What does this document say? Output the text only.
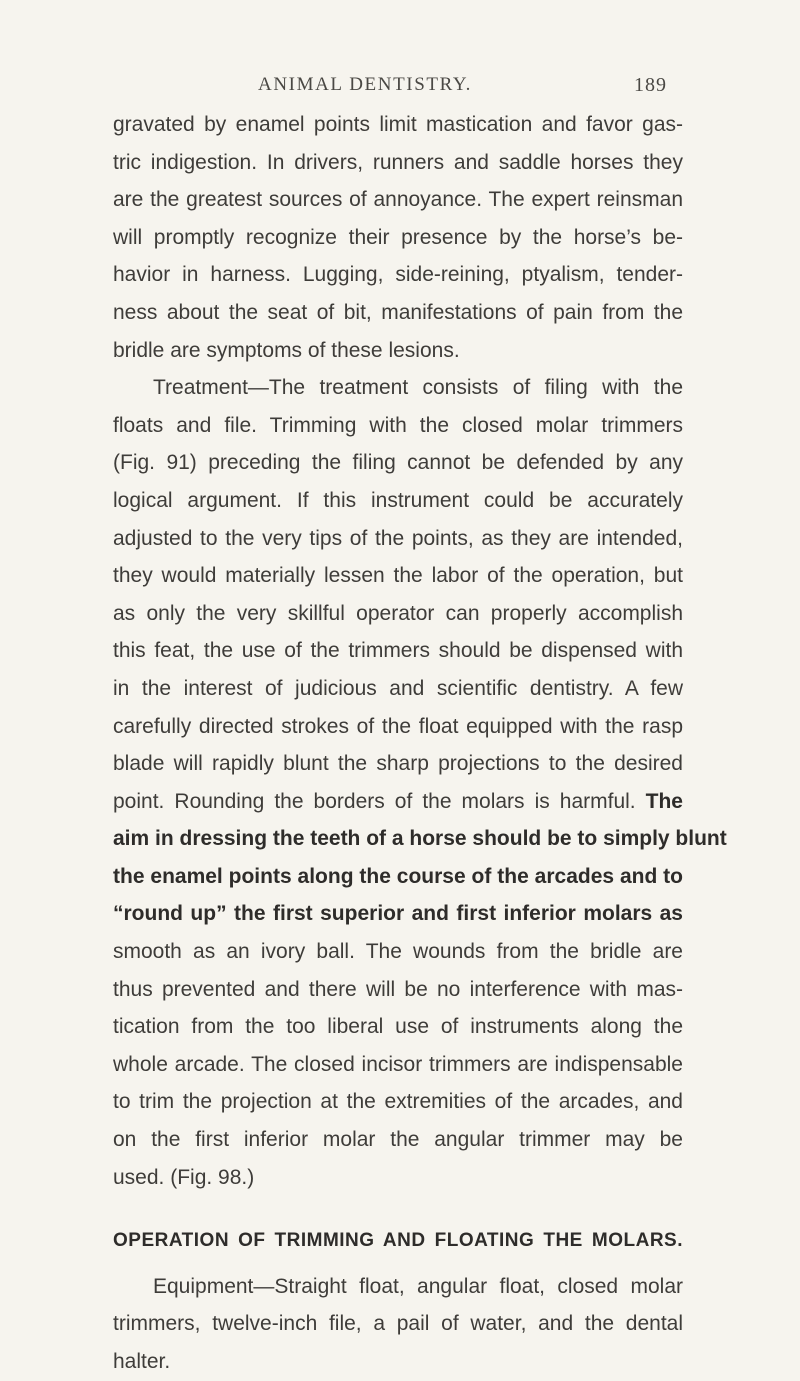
ANIMAL DENTISTRY.	189
gravated by enamel points limit mastication and favor gas-
tric indigestion. In drivers, runners and saddle horses they
are the greatest sources of annoyance. The expert reinsman
will promptly recognize their presence by the horse’s be-
havior in harness. Lugging, side-reining, ptyalism, tender-
ness about the seat of bit, manifestations of pain from the
bridle are symptoms of these lesions.
Treatment—The treatment consists of filing with the
floats and file. Trimming with the closed molar trimmers
(Fig. 91) preceding the filing cannot be defended by any
logical argument. If this instrument could be accurately
adjusted to the very tips of the points, as they are intended,
they would materially lessen the labor of the operation, but
as only the very skillful operator can properly accomplish
this feat, the use of the trimmers should be dispensed with
in the interest of judicious and scientific dentistry. A few
carefully directed strokes of the float equipped with the rasp
blade will rapidly blunt the sharp projections to the desired
point. Rounding the borders of the molars is harmful. The
aim in dressing the teeth of a horse should be to simply blunt
the enamel points along the course of the arcades and to
“round up” the first superior and first inferior molars as
smooth as an ivory ball. The wounds from the bridle are
thus prevented and there will be no interference with mas-
tication from the too liberal use of instruments along the
whole arcade. The closed incisor trimmers are indispensable
to trim the projection at the extremities of the arcades, and
on the first inferior molar the angular trimmer may be
used. (Fig. 98.)
OPERATION OF TRIMMING AND FLOATING THE MOLARS.
Equipment—Straight float, angular float, closed molar
trimmers, twelve-inch file, a pail of water, and the dental
halter.
